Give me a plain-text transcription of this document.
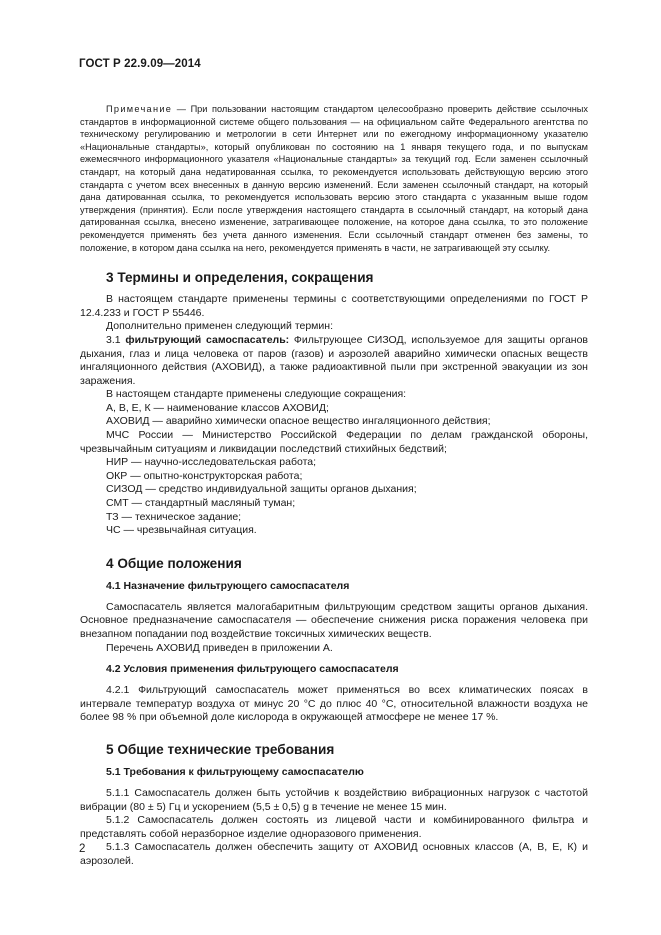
ГОСТ Р 22.9.09—2014

Примечание — При пользовании настоящим стандартом целесообразно проверить действие ссылочных стандартов в информационной системе общего пользования — на официальном сайте Федерального агентства по техническому регулированию и метрологии в сети Интернет или по ежегодному информационному указателю «Национальные стандарты», который опубликован по состоянию на 1 января текущего года, и по выпускам ежемесячного информационного указателя «Национальные стандарты» за текущий год. Если заменен ссылочный стандарт, на который дана недатированная ссылка, то рекомендуется использовать действующую версию этого стандарта с учетом всех внесенных в данную версию изменений. Если заменен ссылочный стандарт, на который дана датированная ссылка, то рекомендуется использовать версию этого стандарта с указанным выше годом утверждения (принятия). Если после утверждения настоящего стандарта в ссылочный стандарт, на который дана датированная ссылка, внесено изменение, затрагивающее положение, на которое дана ссылка, то это положение рекомендуется применять без учета данного изменения. Если ссылочный стандарт отменен без замены, то положение, в котором дана ссылка на него, рекомендуется применять в части, не затрагивающей эту ссылку.

3 Термины и определения, сокращения

В настоящем стандарте применены термины с соответствующими определениями по ГОСТ Р 12.4.233 и ГОСТ Р 55446.

Дополнительно применен следующий термин:

3.1 фильтрующий самоспасатель: Фильтрующее СИЗОД, используемое для защиты органов дыхания, глаз и лица человека от паров (газов) и аэрозолей аварийно химически опасных веществ ингаляционного действия (АХОВИД), а также радиоактивной пыли при экстренной эвакуации из зон заражения.

В настоящем стандарте применены следующие сокращения:

А, В, Е, К — наименование классов АХОВИД;

АХОВИД — аварийно химически опасное вещество ингаляционного действия;

МЧС России — Министерство Российской Федерации по делам гражданской обороны, чрезвычайным ситуациям и ликвидации последствий стихийных бедствий;

НИР — научно-исследовательская работа;

ОКР — опытно-конструкторская работа;

СИЗОД — средство индивидуальной защиты органов дыхания;

СМТ — стандартный масляный туман;

ТЗ — техническое задание;

ЧС — чрезвычайная ситуация.

4 Общие положения
4.1 Назначение фильтрующего самоспасателя

Самоспасатель является малогабаритным фильтрующим средством защиты органов дыхания. Основное предназначение самоспасателя — обеспечение снижения риска поражения человека при внезапном попадании под воздействие токсичных химических веществ.

Перечень АХОВИД приведен в приложении А.

4.2 Условия применения фильтрующего самоспасателя

4.2.1 Фильтрующий самоспасатель может применяться во всех климатических поясах в интервале температур воздуха от минус 20 °С до плюс 40 °С, относительной влажности воздуха не более 98 % при объемной доле кислорода в окружающей атмосфере не менее 17 %.

5 Общие технические требования
5.1 Требования к фильтрующему самоспасателю

5.1.1 Самоспасатель должен быть устойчив к воздействию вибрационных нагрузок с частотой вибрации (80 ± 5) Гц и ускорением (5,5 ± 0,5) g в течение не менее 15 мин.

5.1.2 Самоспасатель должен состоять из лицевой части и комбинированного фильтра и представлять собой неразборное изделие одноразового применения.

5.1.3 Самоспасатель должен обеспечить защиту от АХОВИД основных классов (А, В, Е, К) и аэрозолей.

2
